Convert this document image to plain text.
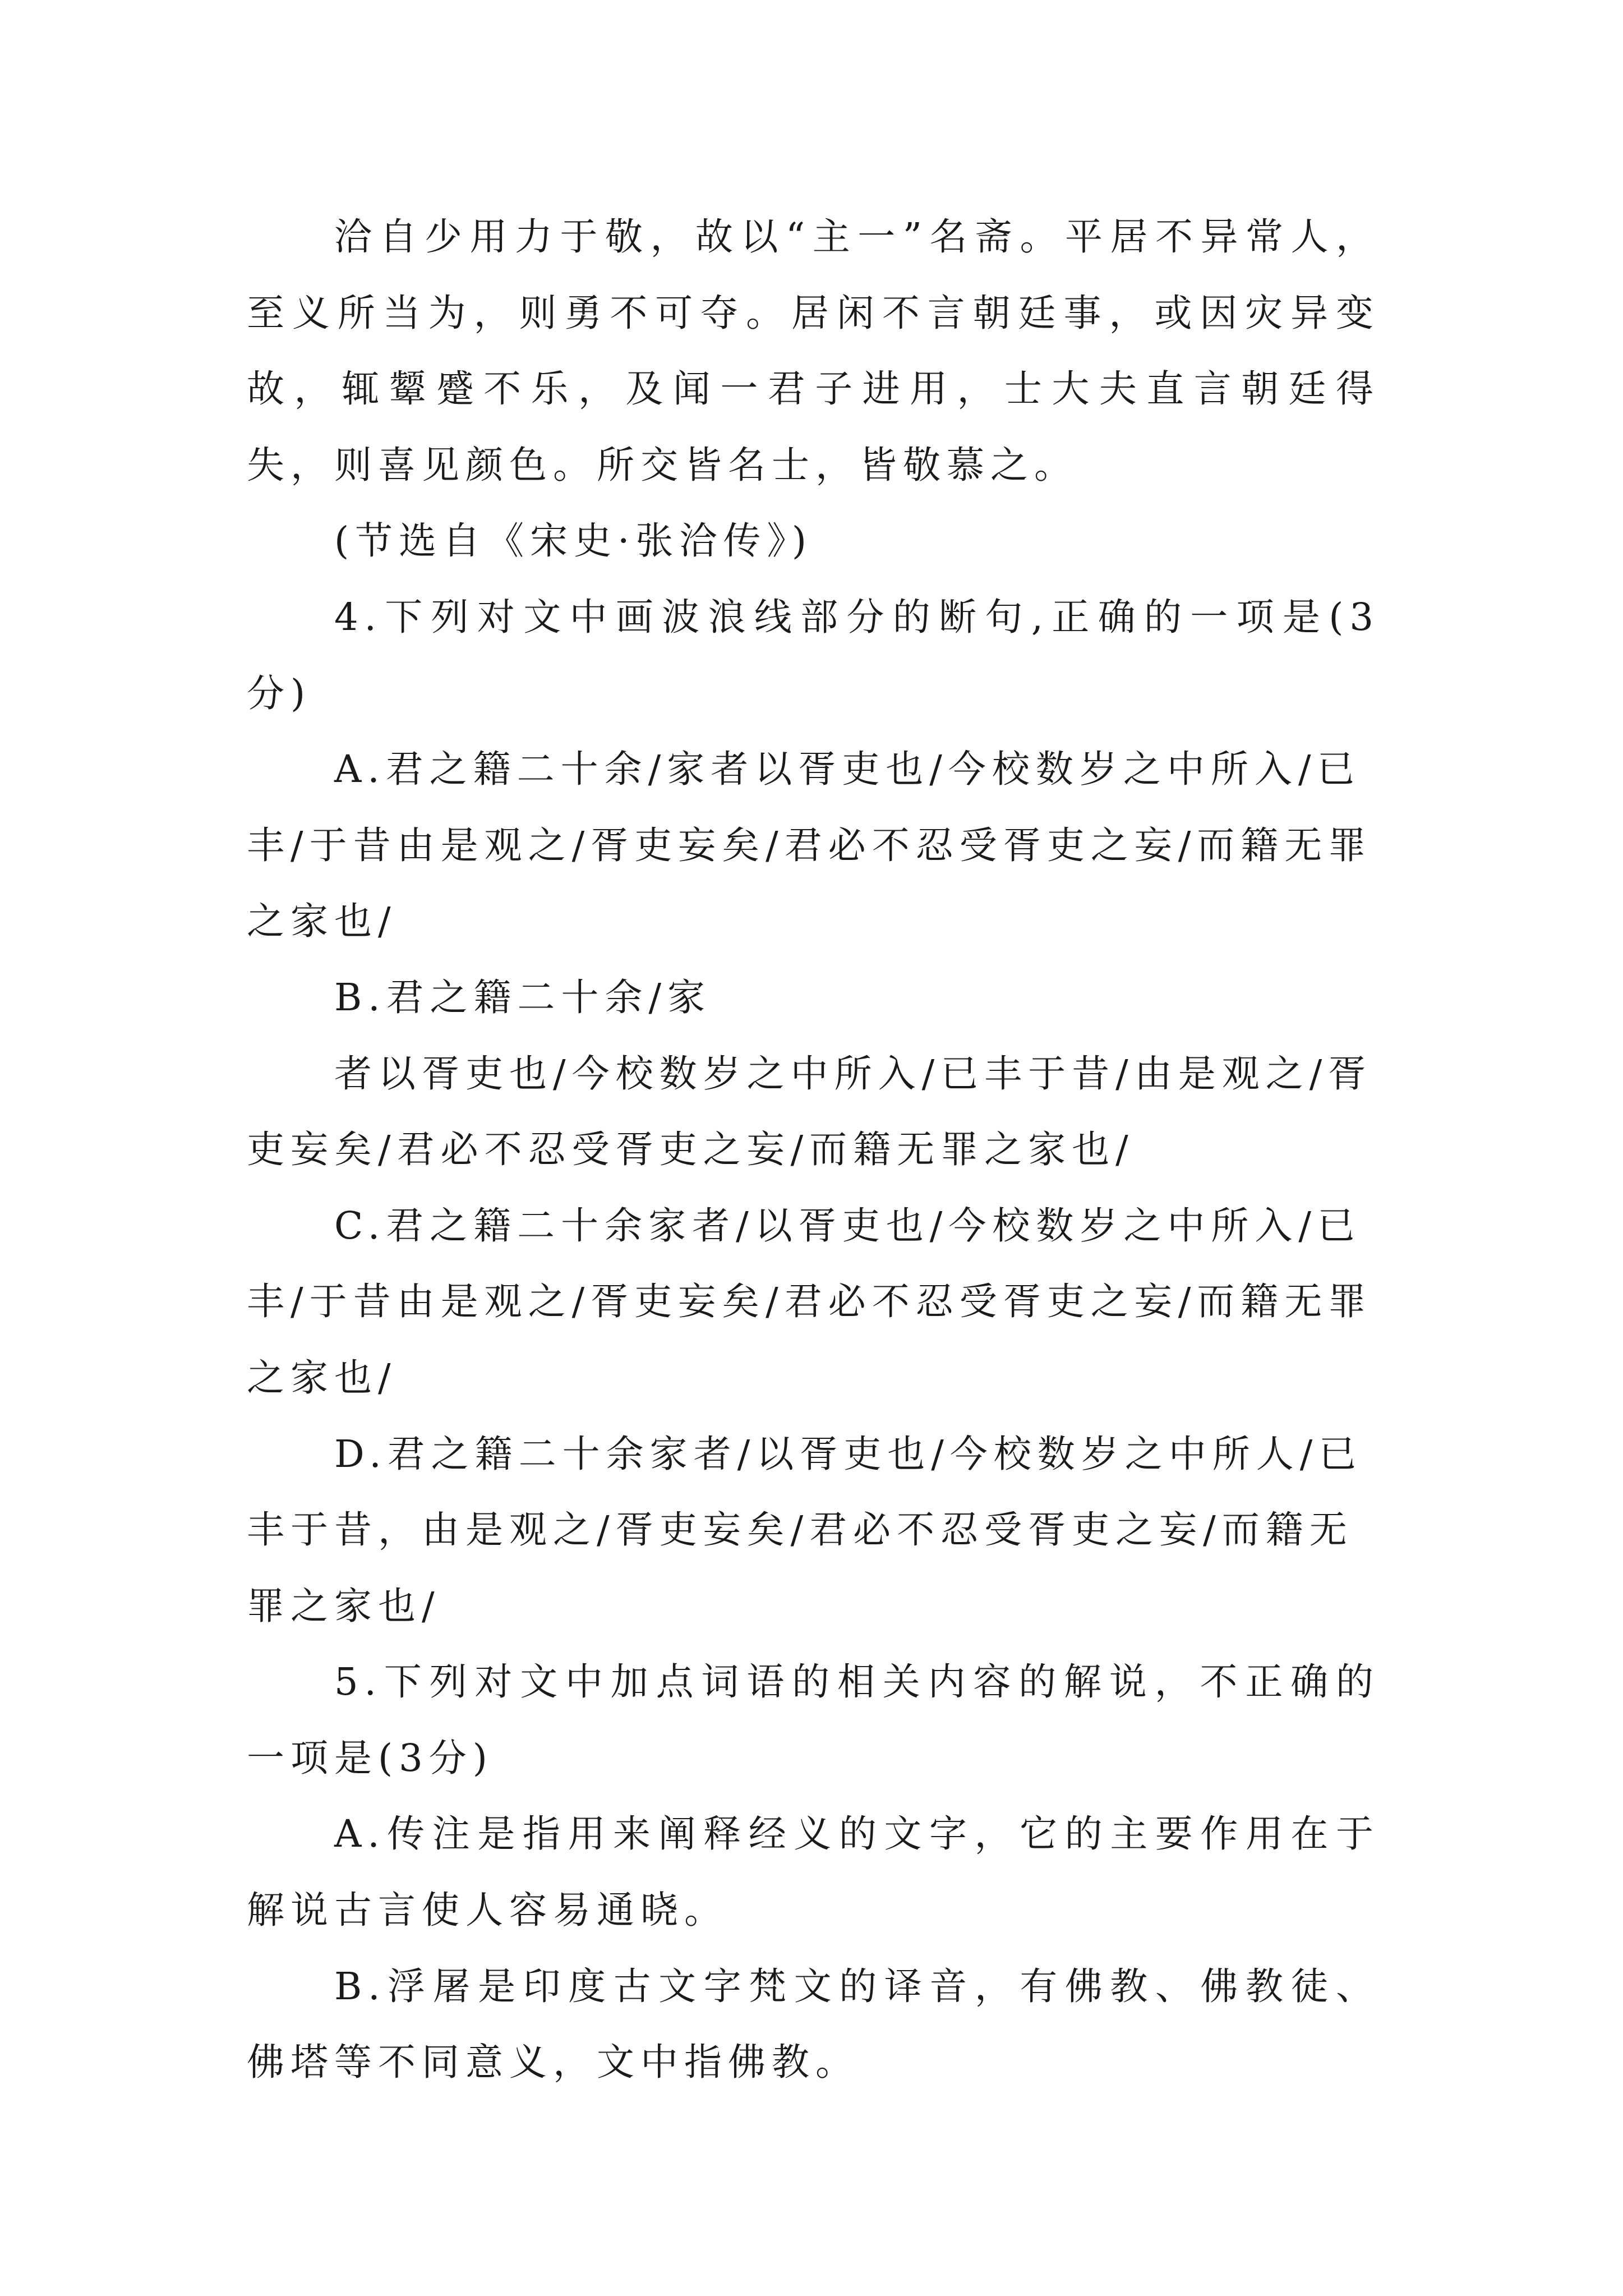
洽自少用力于敬，故以“主一”名斋。平居不异常人，至义所当为，则勇不可夺。居闲不言朝廷事，或因灾异变故，辄颦蹙不乐，及闻一君子进用，士大夫直言朝廷得失，则喜见颜色。所交皆名士，皆敬慕之。

(节选自《宋史·张洽传》)

4.下列对文中画波浪线部分的断句,正确的一项是(3分)

A.君之籍二十余/家者以胥吏也/今校数岁之中所入/已丰/于昔由是观之/胥吏妄矣/君必不忍受胥吏之妄/而籍无罪之家也/

B.君之籍二十余/家

者以胥吏也/今校数岁之中所入/已丰于昔/由是观之/胥吏妄矣/君必不忍受胥吏之妄/而籍无罪之家也/

C.君之籍二十余家者/以胥吏也/今校数岁之中所入/已丰/于昔由是观之/胥吏妄矣/君必不忍受胥吏之妄/而籍无罪之家也/

D.君之籍二十余家者/以胥吏也/今校数岁之中所人/已丰于昔，由是观之/胥吏妄矣/君必不忍受胥吏之妄/而籍无罪之家也/

5.下列对文中加点词语的相关内容的解说，不正确的一项是(3分)

A.传注是指用来阐释经义的文字，它的主要作用在于解说古言使人容易通晓。

B.浮屠是印度古文字梵文的译音，有佛教、佛教徒、佛塔等不同意义，文中指佛教。
